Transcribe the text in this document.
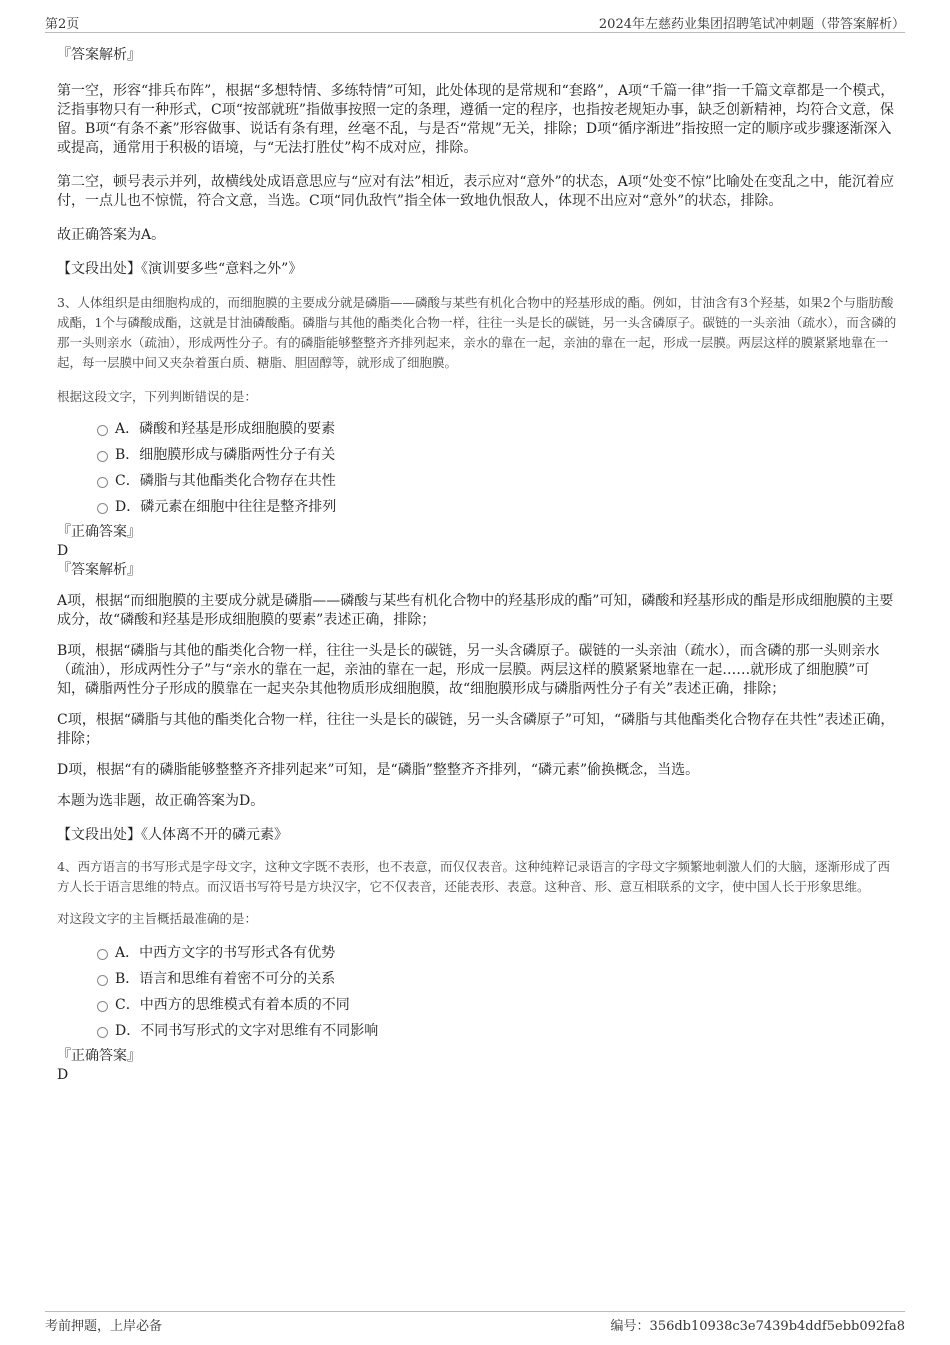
第2页	2024年左慈药业集团招聘笔试冲刺题（带答案解析）

『答案解析』

第一空，形容“排兵布阵”，根据“多想特情、多练特情”可知，此处体现的是常规和“套路”，A项“千篇一律”指一千篇文章都是一个模式，泛指事物只有一种形式，C项“按部就班”指做事按照一定的条理，遵循一定的程序，也指按老规矩办事，缺乏创新精神，均符合文意，保留。B项“有条不紊”形容做事、说话有条有理，丝毫不乱，与是否“常规”无关，排除；D项“循序渐进”指按照一定的顺序或步骤逐渐深入或提高，通常用于积极的语境，与“无法打胜仗”构不成对应，排除。

第二空，顿号表示并列，故横线处成语意思应与“应对有法”相近，表示应对“意外”的状态，A项“处变不惊”比喻处在变乱之中，能沉着应付，一点儿也不惊慌，符合文意，当选。C项“同仇敌忾”指全体一致地仇恨敌人，体现不出应对“意外”的状态，排除。

故正确答案为A。

【文段出处】《演训要多些“意料之外”》

3、人体组织是由细胞构成的，而细胞膜的主要成分就是磷脂——磷酸与某些有机化合物中的羟基形成的酯。例如，甘油含有3个羟基，如果2个与脂肪酸成酯，1个与磷酸成酯，这就是甘油磷酸酯。磷脂与其他的酯类化合物一样，往往一头是长的碳链，另一头含磷原子。碳链的一头亲油（疏水），而含磷的那一头则亲水（疏油），形成两性分子。有的磷脂能够整整齐齐排列起来，亲水的靠在一起，亲油的靠在一起，形成一层膜。两层这样的膜紧紧地靠在一起，每一层膜中间又夹杂着蛋白质、糖脂、胆固醇等，就形成了细胞膜。

根据这段文字，下列判断错误的是：

A．磷酸和羟基是形成细胞膜的要素
B．细胞膜形成与磷脂两性分子有关
C．磷脂与其他酯类化合物存在共性
D．磷元素在细胞中往往是整齐排列

『正确答案』

D

『答案解析』

A项，根据“而细胞膜的主要成分就是磷脂——磷酸与某些有机化合物中的羟基形成的酯”可知，磷酸和羟基形成的酯是形成细胞膜的主要成分，故“磷酸和羟基是形成细胞膜的要素”表述正确，排除；

B项，根据“磷脂与其他的酯类化合物一样，往往一头是长的碳链，另一头含磷原子。碳链的一头亲油（疏水），而含磷的那一头则亲水（疏油），形成两性分子”与“亲水的靠在一起，亲油的靠在一起，形成一层膜。两层这样的膜紧紧地靠在一起……就形成了细胞膜”可知，磷脂两性分子形成的膜靠在一起夹杂其他物质形成细胞膜，故“细胞膜形成与磷脂两性分子有关”表述正确，排除；

C项，根据“磷脂与其他的酯类化合物一样，往往一头是长的碳链，另一头含磷原子”可知，“磷脂与其他酯类化合物存在共性”表述正确，排除；

D项，根据“有的磷脂能够整整齐齐排列起来”可知，是“磷脂”整整齐齐排列，“磷元素”偷换概念，当选。

本题为选非题，故正确答案为D。

【文段出处】《人体离不开的磷元素》

4、西方语言的书写形式是字母文字，这种文字既不表形，也不表意，而仅仅表音。这种纯粹记录语言的字母文字频繁地刺激人们的大脑，逐渐形成了西方人长于语言思维的特点。而汉语书写符号是方块汉字，它不仅表音，还能表形、表意。这种音、形、意互相联系的文字，使中国人长于形象思维。

对这段文字的主旨概括最准确的是：

A．中西方文字的书写形式各有优势
B．语言和思维有着密不可分的关系
C．中西方的思维模式有着本质的不同
D．不同书写形式的文字对思维有不同影响

『正确答案』

D

考前押题，上岸必备	编号：356db10938c3e7439b4ddf5ebb092fa8
